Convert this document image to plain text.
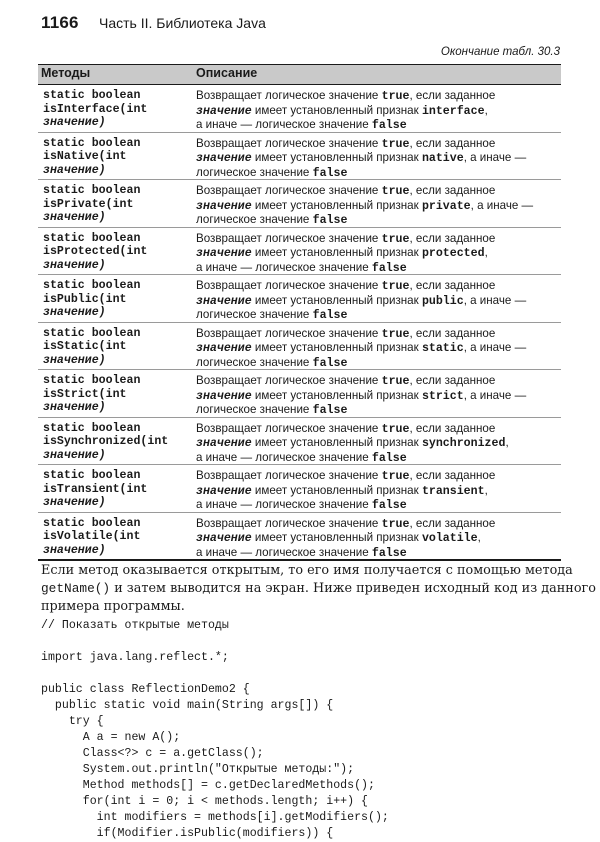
1166 Часть II. Библиотека Java
Окончание табл. 30.3
Методы	Описание
static boolean
isInterface(int
значение)
Возвращает логическое значение true, если заданное
значение имеет установленный признак interface,
а иначе — логическое значение false
static boolean
isNative(int
значение)
Возвращает логическое значение true, если заданное
значение имеет установленный признак native, а иначе —
логическое значение false
static boolean
isPrivate(int
значение)
Возвращает логическое значение true, если заданное
значение имеет установленный признак private, а иначе —
логическое значение false
static boolean
isProtected(int
значение)
Возвращает логическое значение true, если заданное
значение имеет установленный признак protected,
а иначе — логическое значение false
static boolean
isPublic(int
значение)
Возвращает логическое значение true, если заданное
значение имеет установленный признак public, а иначе —
логическое значение false
static boolean
isStatic(int
значение)
Возвращает логическое значение true, если заданное
значение имеет установленный признак static, а иначе —
логическое значение false
static boolean
isStrict(int
значение)
Возвращает логическое значение true, если заданное
значение имеет установленный признак strict, а иначе —
логическое значение false
static boolean
isSynchronized(int
значение)
Возвращает логическое значение true, если заданное
значение имеет установленный признак synchronized,
а иначе — логическое значение false
static boolean
isTransient(int
значение)
Возвращает логическое значение true, если заданное
значение имеет установленный признак transient,
а иначе — логическое значение false
static boolean
isVolatile(int
значение)
Возвращает логическое значение true, если заданное
значение имеет установленный признак volatile,
а иначе — логическое значение false
Если метод оказывается открытым, то его имя получается с помощью метода
getName() и затем выводится на экран. Ниже приведен исходный код из данного
примера программы.
// Показать открытые методы
import java.lang.reflect.*;
public class ReflectionDemo2 {
public static void main(String args[]) {
try {
A a = new A();
Class<?> c = a.getClass();
System.out.println("Открытые методы:");
Method methods[] = c.getDeclaredMethods();
for(int i = 0; i < methods.length; i++) {
int modifiers = methods[i].getModifiers();
if(Modifier.isPublic(modifiers)) {
